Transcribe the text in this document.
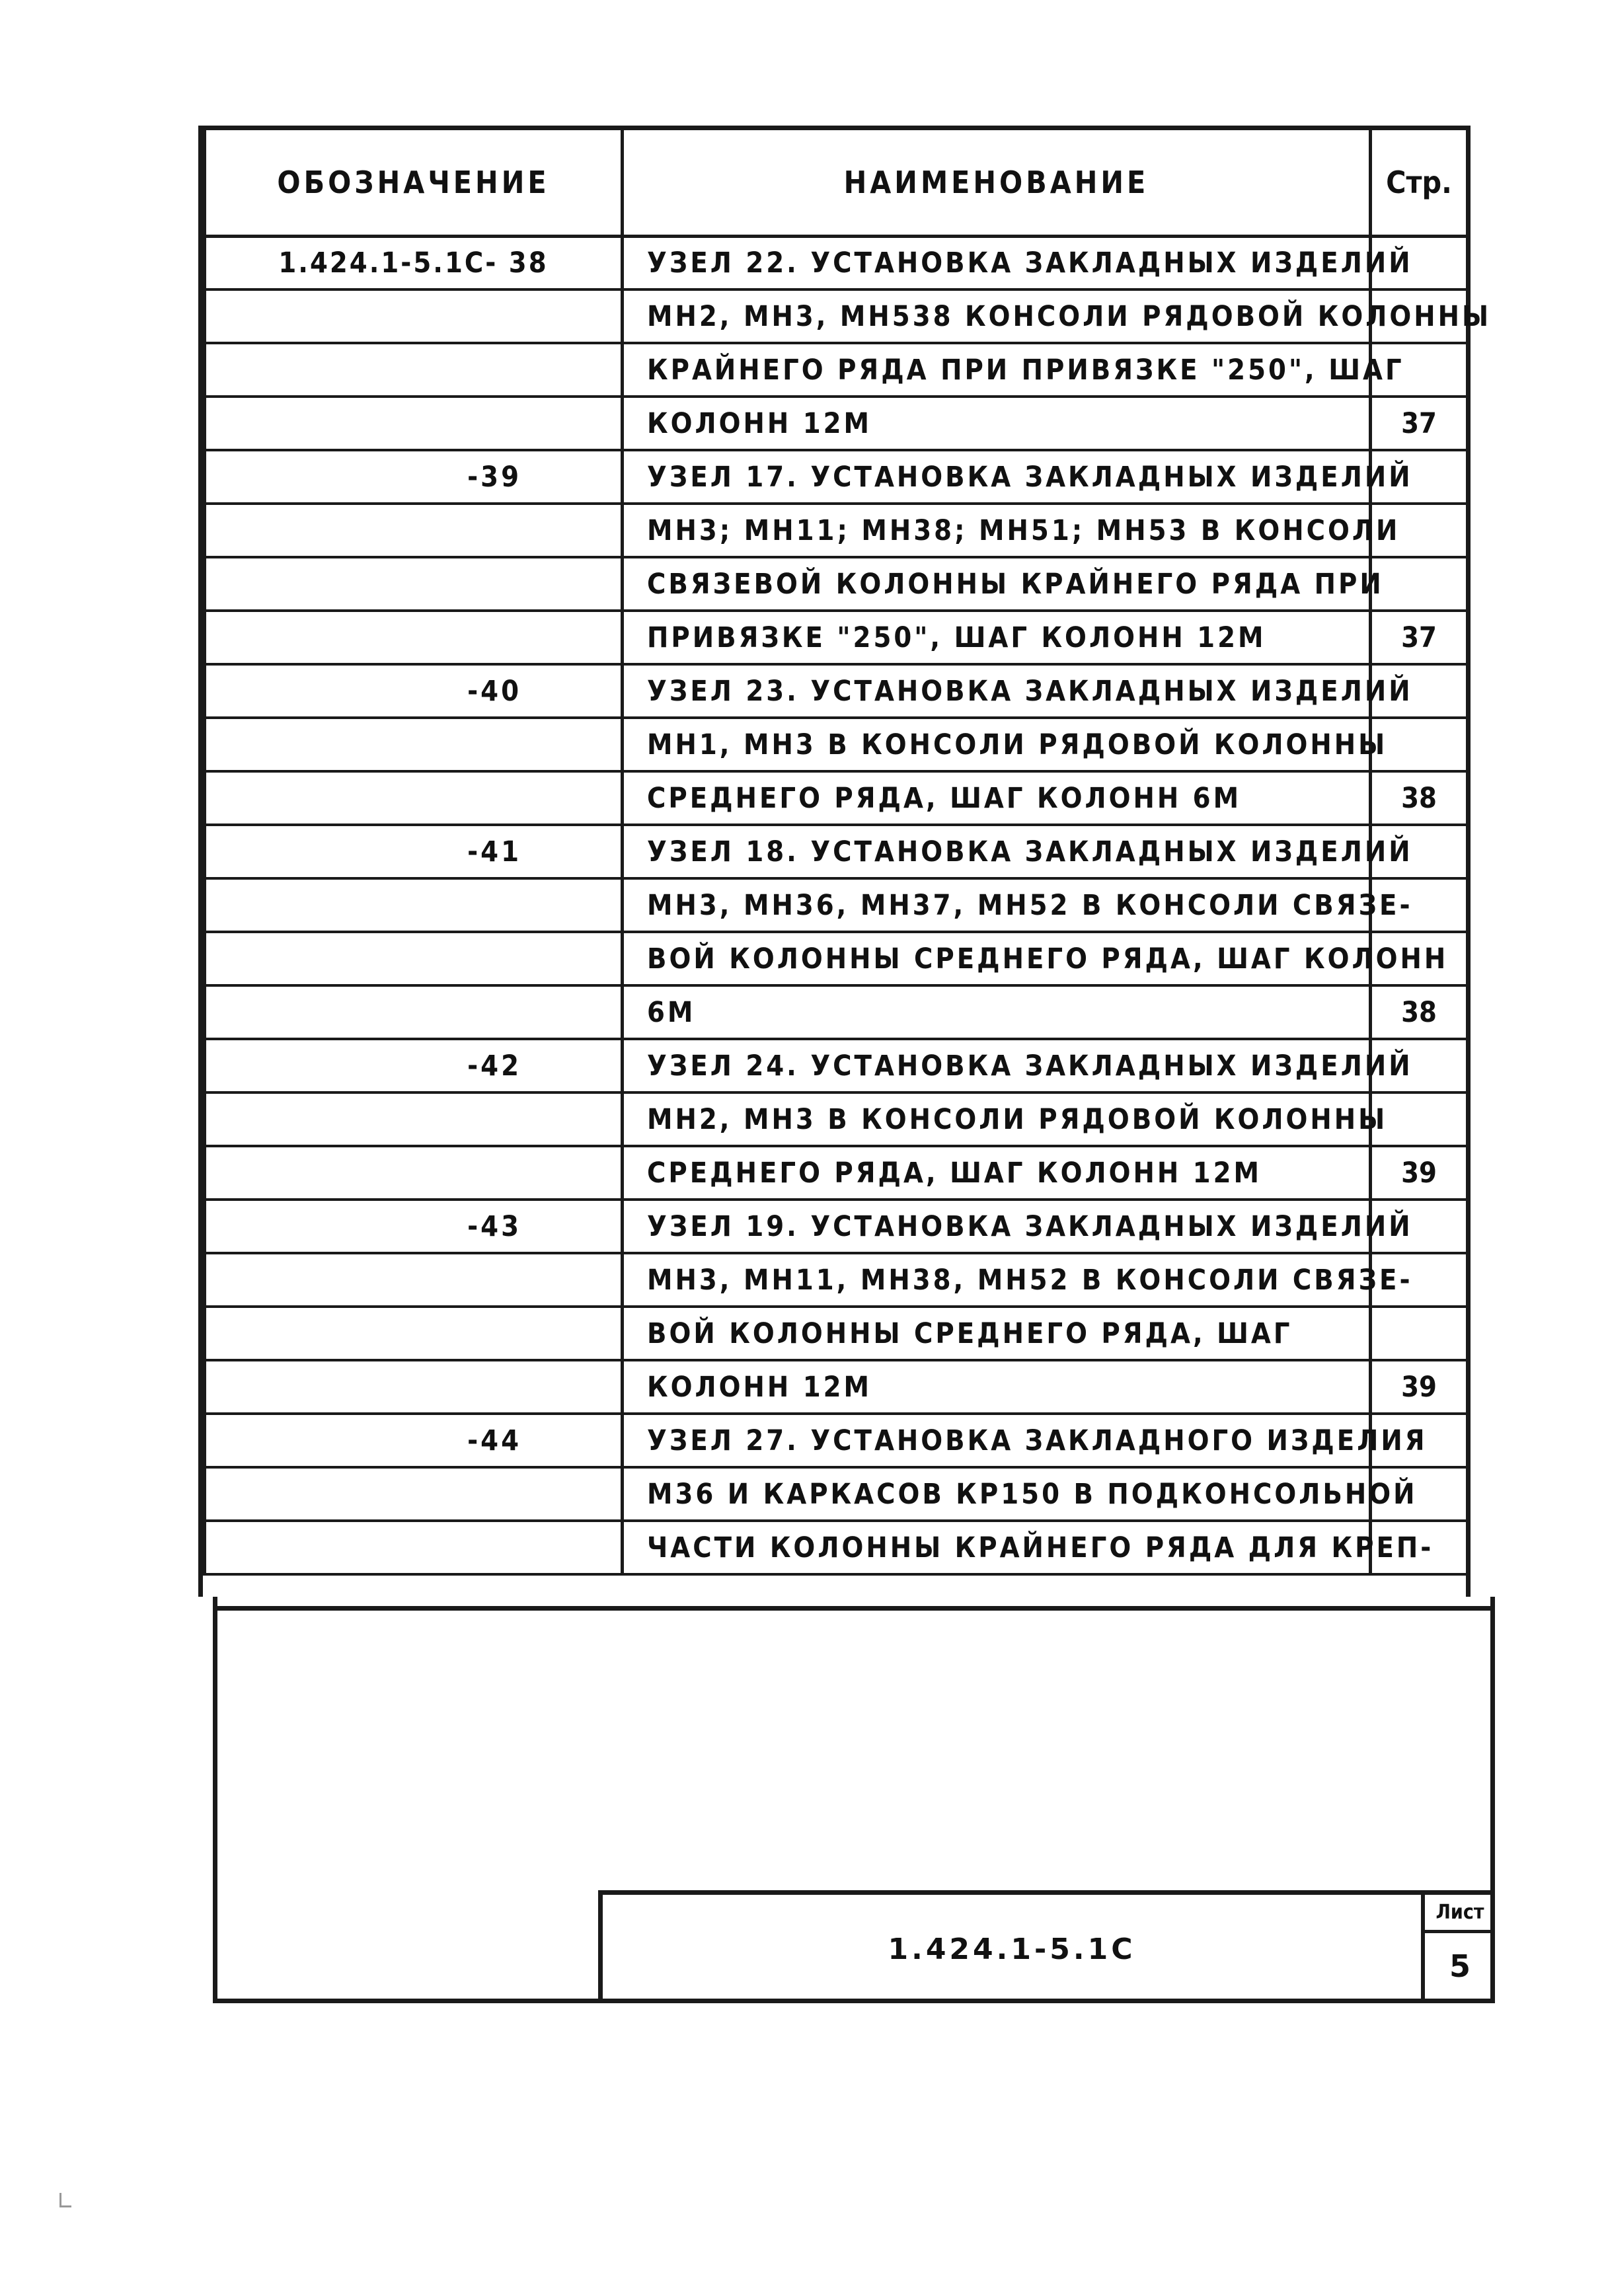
ОБОЗНАЧЕНИЕ	НАИМЕНОВАНИЕ	Стр.
1.424.1-5.1С- 38	УЗЕЛ 22. УСТАНОВКА ЗАКЛАДНЫХ ИЗДЕЛИЙ	
	МН2, МН3, МН538 КОНСОЛИ РЯДОВОЙ КОЛОННЫ	
	КРАЙНЕГО РЯДА ПРИ ПРИВЯЗКЕ "250", ШАГ	
	КОЛОНН 12М	37
-39	УЗЕЛ 17. УСТАНОВКА ЗАКЛАДНЫХ ИЗДЕЛИЙ	
	МН3; МН11; МН38; МН51; МН53 В КОНСОЛИ	
	СВЯЗЕВОЙ КОЛОННЫ КРАЙНЕГО РЯДА ПРИ	
	ПРИВЯЗКЕ "250", ШАГ КОЛОНН 12М	37
-40	УЗЕЛ 23. УСТАНОВКА ЗАКЛАДНЫХ ИЗДЕЛИЙ	
	МН1, МН3 В КОНСОЛИ РЯДОВОЙ КОЛОННЫ	
	СРЕДНЕГО РЯДА, ШАГ КОЛОНН 6М	38
-41	УЗЕЛ 18. УСТАНОВКА ЗАКЛАДНЫХ ИЗДЕЛИЙ	
	МН3, МН36, МН37, МН52 В КОНСОЛИ СВЯЗЕ-	
	ВОЙ КОЛОННЫ СРЕДНЕГО РЯДА, ШАГ КОЛОНН	
	6М	38
-42	УЗЕЛ 24. УСТАНОВКА ЗАКЛАДНЫХ ИЗДЕЛИЙ	
	МН2, МН3 В КОНСОЛИ РЯДОВОЙ КОЛОННЫ	
	СРЕДНЕГО РЯДА, ШАГ КОЛОНН 12М	39
-43	УЗЕЛ 19. УСТАНОВКА ЗАКЛАДНЫХ ИЗДЕЛИЙ	
	МН3, МН11, МН38, МН52 В КОНСОЛИ СВЯЗЕ-	
	ВОЙ КОЛОННЫ СРЕДНЕГО РЯДА, ШАГ	
	КОЛОНН 12М	39
-44	УЗЕЛ 27. УСТАНОВКА ЗАКЛАДНОГО ИЗДЕЛИЯ	
	М36 И КАРКАСОВ КР150 В ПОДКОНСОЛЬНОЙ	
	ЧАСТИ КОЛОННЫ КРАЙНЕГО РЯДА ДЛЯ КРЕП-	
1.424.1-5.1С
Лист
5
